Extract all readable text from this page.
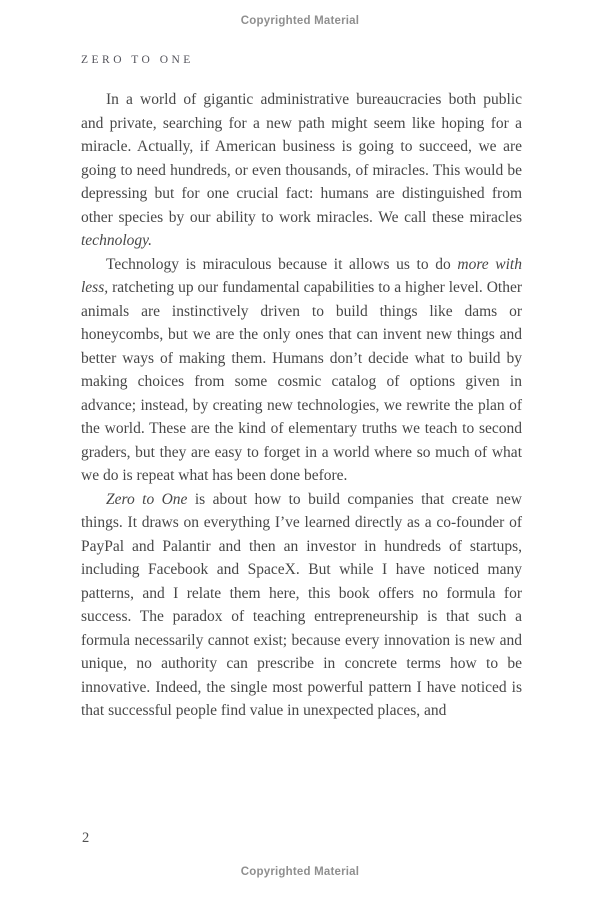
Copyrighted Material
ZERO TO ONE

In a world of gigantic administrative bureaucracies both public and private, searching for a new path might seem like hoping for a miracle. Actually, if American business is going to succeed, we are going to need hundreds, or even thousands, of miracles. This would be depressing but for one crucial fact: humans are distinguished from other species by our ability to work miracles. We call these miracles technology.

Technology is miraculous because it allows us to do more with less, ratcheting up our fundamental capabilities to a higher level. Other animals are instinctively driven to build things like dams or honeycombs, but we are the only ones that can invent new things and better ways of making them. Humans don’t decide what to build by making choices from some cosmic catalog of options given in advance; instead, by creating new technologies, we rewrite the plan of the world. These are the kind of elementary truths we teach to second graders, but they are easy to forget in a world where so much of what we do is repeat what has been done before.

Zero to One is about how to build companies that create new things. It draws on everything I’ve learned directly as a co-founder of PayPal and Palantir and then an investor in hundreds of startups, including Facebook and SpaceX. But while I have noticed many patterns, and I relate them here, this book offers no formula for success. The paradox of teaching entrepreneurship is that such a formula necessarily cannot exist; because every innovation is new and unique, no authority can prescribe in concrete terms how to be innovative. Indeed, the single most powerful pattern I have noticed is that successful people find value in unexpected places, and

2
Copyrighted Material
